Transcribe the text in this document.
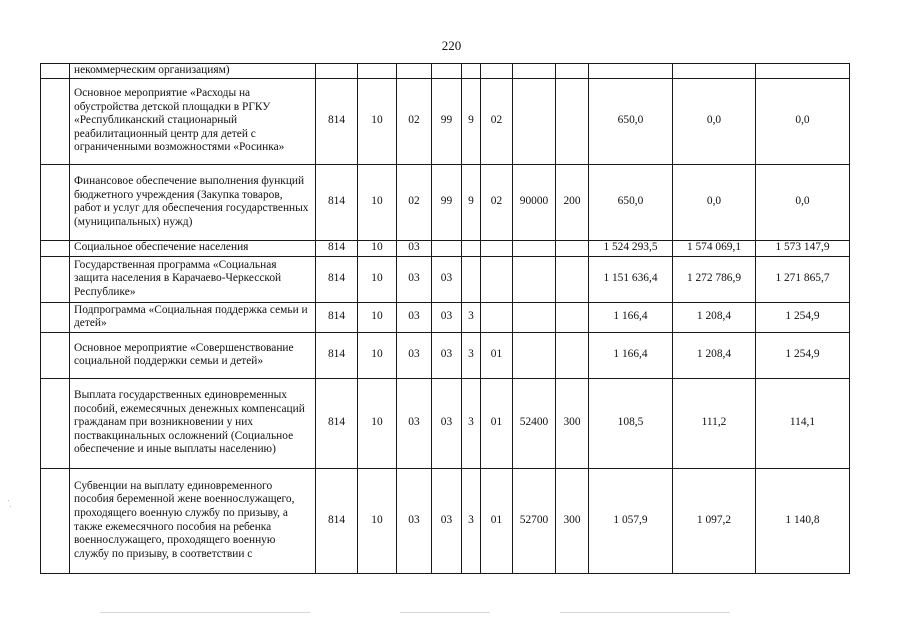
220
	некоммерческим организациям)											
	Основное мероприятие «Расходы на обустройства детской площадки в РГКУ «Республиканский стационарный реабилитационный центр для детей с ограниченными возможностями «Росинка»	814	10	02	99	9	02			650,0	0,0	0,0
	Финансовое обеспечение выполнения функций бюджетного учреждения (Закупка товаров, работ и услуг для обеспечения государственных (муниципальных) нужд)	814	10	02	99	9	02	90000	200	650,0	0,0	0,0
	Социальное обеспечение населения	814	10	03						1 524 293,5	1 574 069,1	1 573 147,9
	Государственная программа «Социальная защита населения в Карачаево-Черкесской Республике»	814	10	03	03					1 151 636,4	1 272 786,9	1 271 865,7
	Подпрограмма «Социальная поддержка семьи и детей»	814	10	03	03	3				1 166,4	1 208,4	1 254,9
	Основное мероприятие «Совершенствование социальной поддержки семьи и детей»	814	10	03	03	3	01			1 166,4	1 208,4	1 254,9
	Выплата государственных единовременных пособий, ежемесячных денежных компенсаций гражданам при возникновении у них поствакцинальных осложнений (Социальное обеспечение и иные выплаты населению)	814	10	03	03	3	01	52400	300	108,5	111,2	114,1
	Субвенции на выплату единовременного пособия беременной жене военнослужащего, проходящего военную службу по призыву, а также ежемесячного пособия на ребенка военнослужащего, проходящего военную службу по призыву, в соответствии с	814	10	03	03	3	01	52700	300	1 057,9	1 097,2	1 140,8
